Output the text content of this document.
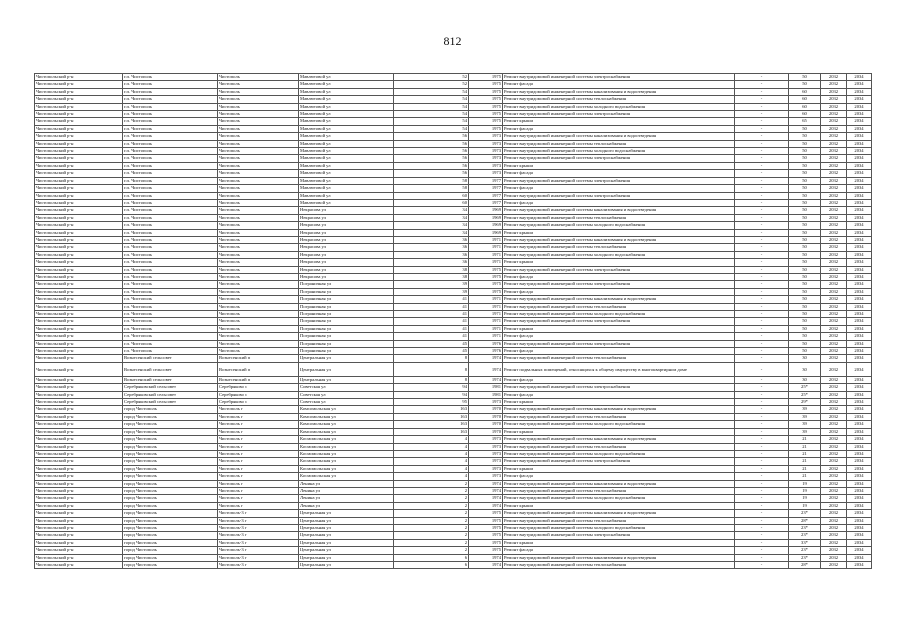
812
Чистопольский р-н	г.п. Чистополь	Чистополь	Мавлютовой ул	52	1975	Ремонт внутридомовой инженерной системы электроснабжения	-	50	2032	2034
Чистопольский р-н	г.п. Чистополь	Чистополь	Мавлютовой ул	52	1975	Ремонт фасада	-	50	2032	2034
Чистопольский р-н	г.п. Чистополь	Чистополь	Мавлютовой ул	54	1975	Ремонт внутридомовой инженерной системы канализования и водоотведения	-	60	2032	2034
Чистопольский р-н	г.п. Чистополь	Чистополь	Мавлютовой ул	54	1975	Ремонт внутридомовой инженерной системы теплоснабжения	-	60	2032	2034
Чистопольский р-н	г.п. Чистополь	Чистополь	Мавлютовой ул	54	1975	Ремонт внутридомовой инженерной системы холодного водоснабжения	-	60	2032	2034
Чистопольский р-н	г.п. Чистополь	Чистополь	Мавлютовой ул	54	1975	Ремонт внутридомовой инженерной системы электроснабжения	-	60	2032	2034
Чистопольский р-н	г.п. Чистополь	Чистополь	Мавлютовой ул	54	1975	Ремонт крыши	-	65	2032	2034
Чистопольский р-н	г.п. Чистополь	Чистополь	Мавлютовой ул	54	1975	Ремонт фасада	-	50	2032	2034
Чистопольский р-н	г.п. Чистополь	Чистополь	Мавлютовой ул	56	1973	Ремонт внутридомовой инженерной системы канализования и водоотведения	-	50	2032	2034
Чистопольский р-н	г.п. Чистополь	Чистополь	Мавлютовой ул	56	1973	Ремонт внутридомовой инженерной системы теплоснабжения	-	50	2032	2034
Чистопольский р-н	г.п. Чистополь	Чистополь	Мавлютовой ул	56	1973	Ремонт внутридомовой инженерной системы холодного водоснабжения	-	50	2032	2034
Чистопольский р-н	г.п. Чистополь	Чистополь	Мавлютовой ул	56	1973	Ремонт внутридомовой инженерной системы электроснабжения	-	50	2032	2034
Чистопольский р-н	г.п. Чистополь	Чистополь	Мавлютовой ул	56	1973	Ремонт крыши	-	50	2032	2034
Чистопольский р-н	г.п. Чистополь	Чистополь	Мавлютовой ул	56	1973	Ремонт фасада	-	50	2032	2034
Чистопольский р-н	г.п. Чистополь	Чистополь	Мавлютовой ул	58	1977	Ремонт внутридомовой инженерной системы электроснабжения	-	50	2032	2034
Чистопольский р-н	г.п. Чистополь	Чистополь	Мавлютовой ул	58	1977	Ремонт фасада	-	50	2032	2034
Чистопольский р-н	г.п. Чистополь	Чистополь	Мавлютовой ул	60	1977	Ремонт внутридомовой инженерной системы электроснабжения	-	50	2032	2034
Чистопольский р-н	г.п. Чистополь	Чистополь	Мавлютовой ул	60	1977	Ремонт фасада	-	50	2032	2034
Чистопольский р-н	г.п. Чистополь	Чистополь	Некрасова ул	34	1969	Ремонт внутридомовой инженерной системы канализования и водоотведения	-	50	2032	2034
Чистопольский р-н	г.п. Чистополь	Чистополь	Некрасова ул	34	1969	Ремонт внутридомовой инженерной системы теплоснабжения	-	50	2032	2034
Чистопольский р-н	г.п. Чистополь	Чистополь	Некрасова ул	34	1969	Ремонт внутридомовой инженерной системы холодного водоснабжения	-	50	2032	2034
Чистопольский р-н	г.п. Чистополь	Чистополь	Некрасова ул	34	1969	Ремонт крыши	-	50	2032	2034
Чистопольский р-н	г.п. Чистополь	Чистополь	Некрасова ул	36	1971	Ремонт внутридомовой инженерной системы канализования и водоотведения	-	50	2032	2034
Чистопольский р-н	г.п. Чистополь	Чистополь	Некрасова ул	36	1971	Ремонт внутридомовой инженерной системы теплоснабжения	-	50	2032	2034
Чистопольский р-н	г.п. Чистополь	Чистополь	Некрасова ул	36	1971	Ремонт внутридомовой инженерной системы холодного водоснабжения	-	50	2032	2034
Чистопольский р-н	г.п. Чистополь	Чистополь	Некрасова ул	36	1971	Ремонт крыши	-	50	2032	2034
Чистопольский р-н	г.п. Чистополь	Чистополь	Некрасова ул	38	1975	Ремонт внутридомовой инженерной системы электроснабжения	-	50	2032	2034
Чистопольский р-н	г.п. Чистополь	Чистополь	Некрасова ул	38	1975	Ремонт фасада	-	50	2032	2034
Чистопольский р-н	г.п. Чистополь	Чистополь	Пограничная ул	39	1975	Ремонт внутридомовой инженерной системы электроснабжения	-	50	2032	2034
Чистопольский р-н	г.п. Чистополь	Чистополь	Пограничная ул	39	1975	Ремонт фасада	-	50	2032	2034
Чистопольский р-н	г.п. Чистополь	Чистополь	Пограничная ул	41	1971	Ремонт внутридомовой инженерной системы канализования и водоотведения	-	50	2032	2034
Чистопольский р-н	г.п. Чистополь	Чистополь	Пограничная ул	41	1971	Ремонт внутридомовой инженерной системы теплоснабжения	-	50	2032	2034
Чистопольский р-н	г.п. Чистополь	Чистополь	Пограничная ул	41	1971	Ремонт внутридомовой инженерной системы холодного водоснабжения	-	50	2032	2034
Чистопольский р-н	г.п. Чистополь	Чистополь	Пограничная ул	41	1971	Ремонт внутридомовой инженерной системы электроснабжения	-	50	2032	2034
Чистопольский р-н	г.п. Чистополь	Чистополь	Пограничная ул	41	1971	Ремонт крыши	-	50	2032	2034
Чистопольский р-н	г.п. Чистополь	Чистополь	Пограничная ул	41	1971	Ремонт фасада	-	50	2032	2034
Чистопольский р-н	г.п. Чистополь	Чистополь	Пограничная ул	45	1976	Ремонт внутридомовой инженерной системы электроснабжения	-	50	2032	2034
Чистопольский р-н	г.п. Чистополь	Чистополь	Пограничная ул	45	1976	Ремонт фасада	-	50	2032	2034
Чистопольский р-н	Вознесенский сельсовет	Вознесенский п	Центральная ул	8	1974	Ремонт внутридомовой инженерной системы теплоснабжения	-	30	2032	2034
Чистопольский р-н	Вознесенский сельсовет	Вознесенский п	Центральная ул	8	1974	Ремонт подвальных помещений, относящихся к общему имуществу в многоквартирном доме	-	30	2032	2034
Чистопольский р-н	Вознесенский сельсовет	Вознесенский п	Центральная ул	8	1974	Ремонт фасада	-	30	2032	2034
Чистопольский р-н	Серебряковский сельсовет	Серебряково с	Советская ул	94	1981	Ремонт внутридомовой инженерной системы электроснабжения	-	25*	2032	2034
Чистопольский р-н	Серебряковский сельсовет	Серебряково с	Советская ул	94	1981	Ремонт фасада	-	25*	2032	2034
Чистопольский р-н	Серебряковский сельсовет	Серебряково с	Советская ул	95	1973	Ремонт крыши	-	29*	2032	2034
Чистопольский р-н	город Чистополь	Чистополь г	Комсомольская ул	163	1970	Ремонт внутридомовой инженерной системы канализования и водоотведения	-	39	2032	2034
Чистопольский р-н	город Чистополь	Чистополь г	Комсомольская ул	163	1970	Ремонт внутридомовой инженерной системы теплоснабжения	-	39	2032	2034
Чистопольский р-н	город Чистополь	Чистополь г	Комсомольская ул	163	1970	Ремонт внутридомовой инженерной системы холодного водоснабжения	-	39	2032	2034
Чистопольский р-н	город Чистополь	Чистополь г	Комсомольская ул	163	1970	Ремонт крыши	-	39	2032	2034
Чистопольский р-н	город Чистополь	Чистополь г	Космомольская ул	4	1973	Ремонт внутридомовой инженерной системы канализования и водоотведения	-	21	2032	2034
Чистопольский р-н	город Чистополь	Чистополь г	Космомольская ул	4	1973	Ремонт внутридомовой инженерной системы теплоснабжения	-	21	2032	2034
Чистопольский р-н	город Чистополь	Чистополь г	Космомольская ул	4	1973	Ремонт внутридомовой инженерной системы холодного водоснабжения	-	21	2032	2034
Чистопольский р-н	город Чистополь	Чистополь г	Космомольская ул	4	1973	Ремонт внутридомовой инженерной системы электроснабжения	-	21	2032	2034
Чистопольский р-н	город Чистополь	Чистополь г	Космомольская ул	4	1973	Ремонт крыши	-	21	2032	2034
Чистопольский р-н	город Чистополь	Чистополь г	Космомольская ул	4	1973	Ремонт фасада	-	21	2032	2034
Чистопольский р-н	город Чистополь	Чистополь г	Ленина ул	2	1974	Ремонт внутридомовой инженерной системы канализования и водоотведения	-	19	2032	2034
Чистопольский р-н	город Чистополь	Чистополь г	Ленина ул	2	1974	Ремонт внутридомовой инженерной системы теплоснабжения	-	19	2032	2034
Чистопольский р-н	город Чистополь	Чистополь г	Ленина ул	2	1974	Ремонт внутридомовой инженерной системы холодного водоснабжения	-	19	2032	2034
Чистопольский р-н	город Чистополь	Чистополь г	Ленина ул	2	1974	Ремонт крыши	-	19	2032	2034
Чистопольский р-н	город Чистополь	Чистополь-3 г	Центральная ул	2	1975	Ремонт внутридомовой инженерной системы канализования и водоотведения	-	23*	2032	2034
Чистопольский р-н	город Чистополь	Чистополь-3 г	Центральная ул	2	1975	Ремонт внутридомовой инженерной системы теплоснабжения	-	28*	2032	2034
Чистопольский р-н	город Чистополь	Чистополь-3 г	Центральная ул	2	1975	Ремонт внутридомовой инженерной системы холодного водоснабжения	-	23*	2032	2034
Чистопольский р-н	город Чистополь	Чистополь-3 г	Центральная ул	2	1975	Ремонт внутридомовой инженерной системы электроснабжения	-	23*	2032	2034
Чистопольский р-н	город Чистополь	Чистополь-3 г	Центральная ул	2	1975	Ремонт крыши	-	33*	2032	2034
Чистопольский р-н	город Чистополь	Чистополь-3 г	Центральная ул	2	1975	Ремонт фасада	-	23*	2032	2034
Чистопольский р-н	город Чистополь	Чистополь-3 г	Центральная ул	6	1974	Ремонт внутридомовой инженерной системы канализования и водоотведения	-	23*	2032	2034
Чистопольский р-н	город Чистополь	Чистополь-3 г	Центральная ул	6	1974	Ремонт внутридомовой инженерной системы теплоснабжения	-	28*	2032	2034
